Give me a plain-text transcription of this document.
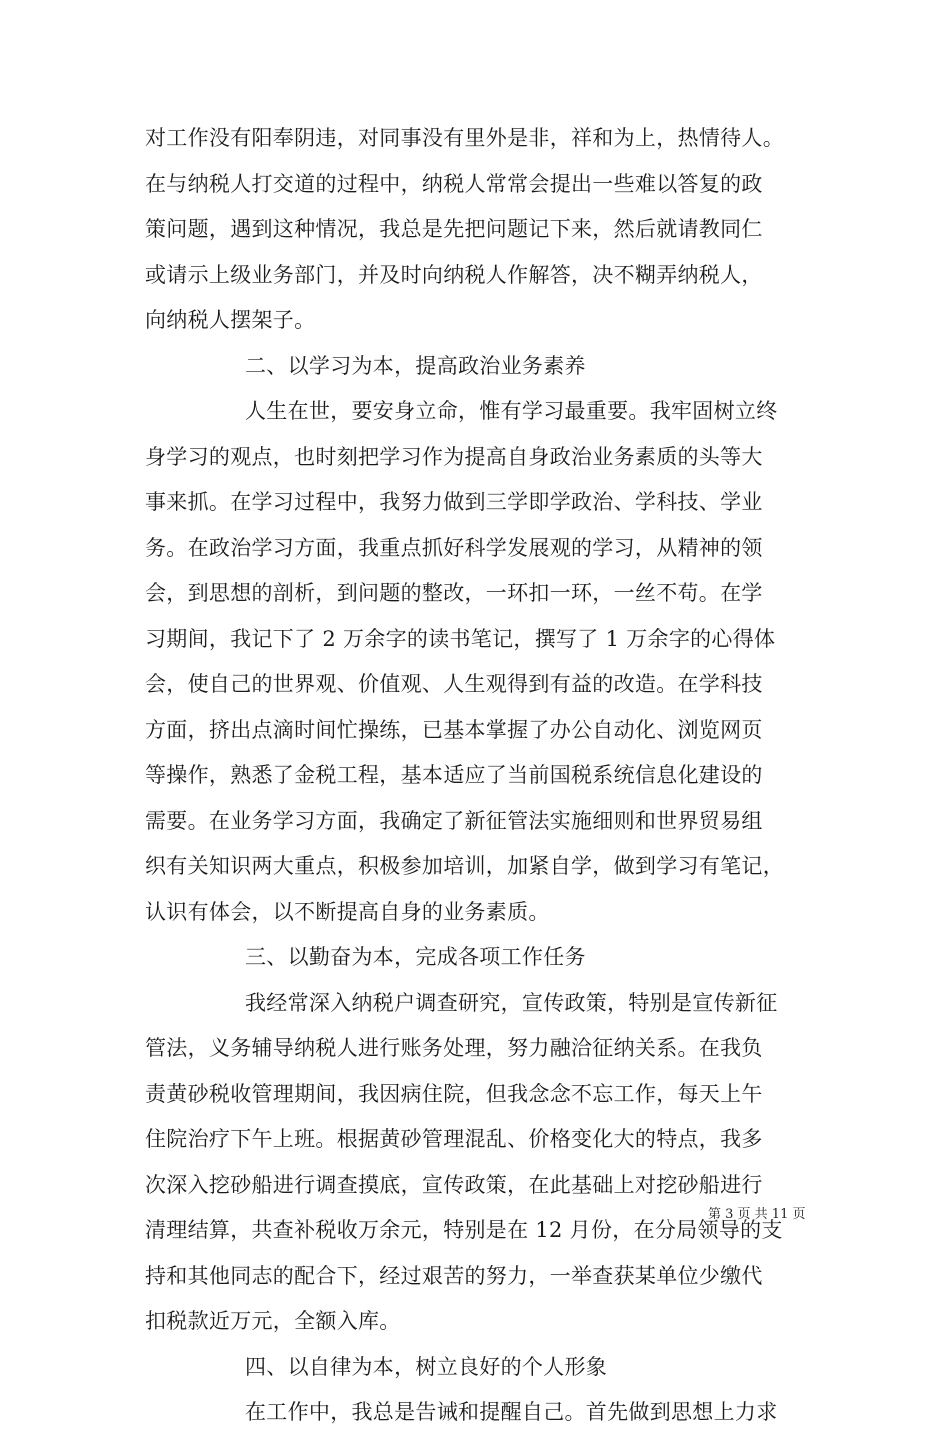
对工作没有阳奉阴违，对同事没有里外是非，祥和为上，热情待人。
在与纳税人打交道的过程中，纳税人常常会提出一些难以答复的政
策问题，遇到这种情况，我总是先把问题记下来，然后就请教同仁
或请示上级业务部门，并及时向纳税人作解答，决不糊弄纳税人，
向纳税人摆架子。
二、以学习为本，提高政治业务素养
人生在世，要安身立命，惟有学习最重要。我牢固树立终
身学习的观点，也时刻把学习作为提高自身政治业务素质的头等大
事来抓。在学习过程中，我努力做到三学即学政治、学科技、学业
务。在政治学习方面，我重点抓好科学发展观的学习，从精神的领
会，到思想的剖析，到问题的整改，一环扣一环，一丝不苟。在学
习期间，我记下了 2 万余字的读书笔记，撰写了 1 万余字的心得体
会，使自己的世界观、价值观、人生观得到有益的改造。在学科技
方面，挤出点滴时间忙操练，已基本掌握了办公自动化、浏览网页
等操作，熟悉了金税工程，基本适应了当前国税系统信息化建设的
需要。在业务学习方面，我确定了新征管法实施细则和世界贸易组
织有关知识两大重点，积极参加培训，加紧自学，做到学习有笔记，
认识有体会，以不断提高自身的业务素质。
三、以勤奋为本，完成各项工作任务
我经常深入纳税户调查研究，宣传政策，特别是宣传新征
管法，义务辅导纳税人进行账务处理，努力融洽征纳关系。在我负
责黄砂税收管理期间，我因病住院，但我念念不忘工作，每天上午
住院治疗下午上班。根据黄砂管理混乱、价格变化大的特点，我多
次深入挖砂船进行调查摸底，宣传政策，在此基础上对挖砂船进行
清理结算，共查补税收万余元，特别是在 12 月份，在分局领导的支
持和其他同志的配合下，经过艰苦的努力，一举查获某单位少缴代
扣税款近万元，全额入库。
四、以自律为本，树立良好的个人形象
在工作中，我总是告诫和提醒自己。首先做到思想上力求
第 3 页 共 11 页
